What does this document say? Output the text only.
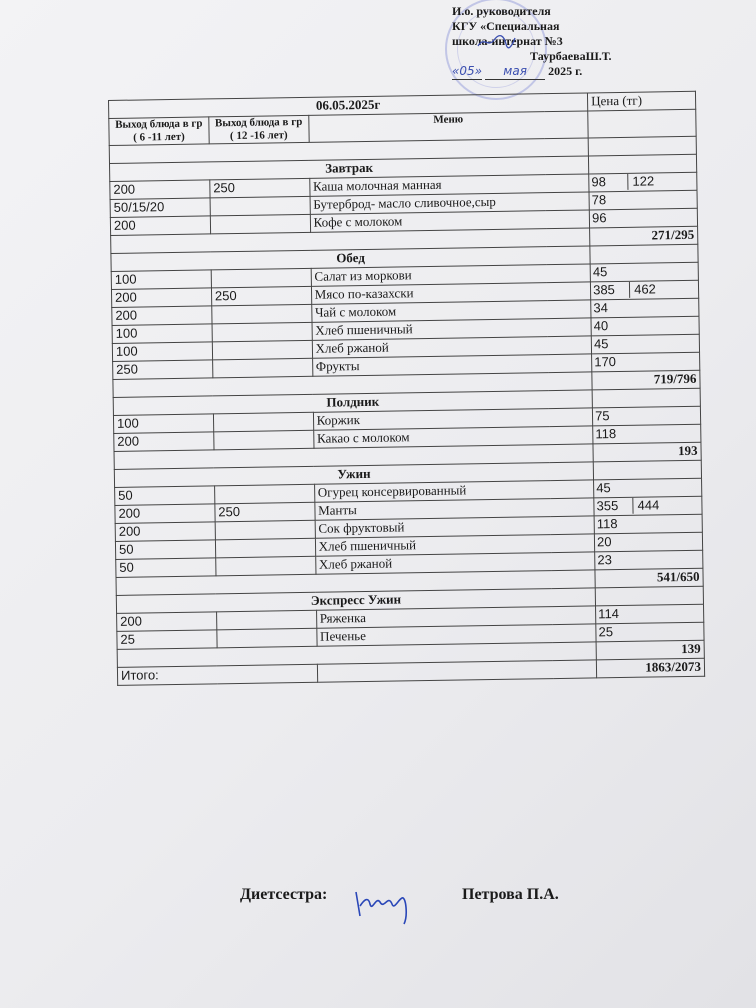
И.о. руководителя
КГУ «Специальная
школа-интернат №3
ТаурбаеваШ.Т.
«05» мая 2025 г.
06.05.2025г			Цена (тг)
Выход блюда в гр ( 6 -11 лет)	Выход блюда в гр ( 12 -16 лет)	Меню	

Завтрак			
200	250	Каша молочная манная	98 122
50/15/20		Бутерброд- масло сливочное,сыр	78
200		Кофе с молоком	96
			271/295
Обед			
100		Салат из моркови	45
200	250	Мясо по-казахски	385 462
200		Чай с молоком	34
100		Хлеб пшеничный	40
100		Хлеб ржаной	45
250		Фрукты	170
			719/796
Полдник			
100		Коржик	75
200		Какао с молоком	118
			193
Ужин			
50		Огурец консервированный	45
200	250	Манты	355 444
200		Сок фруктовый	118
50		Хлеб пшеничный	20
50		Хлеб ржаной	23
			541/650
Экспресс Ужин			
200		Ряженка	114
25		Печенье	25
			139
Итого:			1863/2073
Диетсестра:	Петрова П.А.
